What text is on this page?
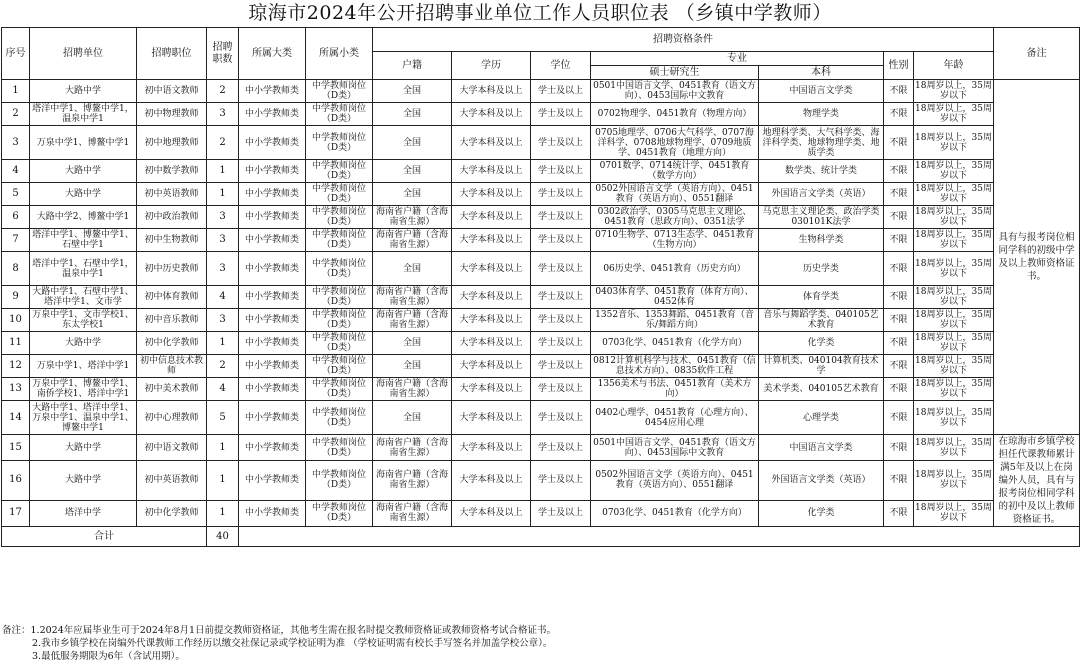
琼海市2024年公开招聘事业单位工作人员职位表 （乡镇中学教师）
序号	招聘单位	招聘职位	招聘职数	所属大类	所属小类	招聘资格条件							备注
						户籍	学历	学位	专业		性别	年龄	
									硕士研究生	本科			
1	大路中学	初中语文教师	2	中小学教师类	中学教师岗位（D类）	全国	大学本科及以上	学士及以上	0501中国语言文学、0451教育（语文方向）、0453国际中文教育	中国语言文学类	不限	18周岁以上，35周岁以下	具有与报考岗位相同学科的初级中学及以上教师资格证书。
2	塔洋中学1、博鳌中学1，温泉中学1	初中物理教师	3	中小学教师类	中学教师岗位（D类）	全国	大学本科及以上	学士及以上	0702物理学、0451教育（物理方向）	物理学类	不限	18周岁以上，35周岁以下	
3	万泉中学1、博鳌中学1	初中地理教师	2	中小学教师类	中学教师岗位（D类）	全国	大学本科及以上	学士及以上	0705地理学、0706大气科学、0707海洋科学、0708地球物理学、0709地质学、0451教育（地理方向）	地理科学类、大气科学类、海洋科学类、地球物理学类、地质学类	不限	18周岁以上，35周岁以下	
4	大路中学	初中数学教师	1	中小学教师类	中学教师岗位（D类）	全国	大学本科及以上	学士及以上	0701数学、0714统计学、0451教育（数学方向）	数学类、统计学类	不限	18周岁以上，35周岁以下	
5	大路中学	初中英语教师	1	中小学教师类	中学教师岗位（D类）	全国	大学本科及以上	学士及以上	0502外国语言文学（英语方向）、0451教育（英语方向）、0551翻译	外国语言文学类（英语）	不限	18周岁以上，35周岁以下	
6	大路中学2、博鳌中学1	初中政治教师	3	中小学教师类	中学教师岗位（D类）	海南省户籍（含海南省生源）	大学本科及以上	学士及以上	0302政治学、0305马克思主义理论、0451教育（思政方向）、0351法学	马克思主义理论类、政治学类030101K法学	不限	18周岁以上，35周岁以下	
7	塔洋中学1、博鳌中学1、石壁中学1	初中生物教师	3	中小学教师类	中学教师岗位（D类）	海南省户籍（含海南省生源）	大学本科及以上	学士及以上	0710生物学、0713生态学、0451教育（生物方向）	生物科学类	不限	18周岁以上，35周岁以下	
8	塔洋中学1、石壁中学1，温泉中学1	初中历史教师	3	中小学教师类	中学教师岗位（D类）	全国	大学本科及以上	学士及以上	06历史学、0451教育（历史方向）	历史学类	不限	18周岁以上，35周岁以下	
9	大路中学1、石壁中学1、塔洋中学1、文市学	初中体育教师	4	中小学教师类	中学教师岗位（D类）	海南省户籍（含海南省生源）	大学本科及以上	学士及以上	0403体育学、0451教育（体育方向）、0452体育	体育学类	不限	18周岁以上，35周岁以下	
10	万泉中学1、文市学校1、东太学校1	初中音乐教师	3	中小学教师类	中学教师岗位（D类）	海南省户籍（含海南省生源）	大学本科及以上	学士及以上	1352音乐、1353舞蹈、0451教育（音乐/舞蹈方向）	音乐与舞蹈学类、040105艺术教育	不限	18周岁以上，35周岁以下	
11	大路中学	初中化学教师	1	中小学教师类	中学教师岗位（D类）	全国	大学本科及以上	学士及以上	0703化学、0451教育（化学方向）	化学类	不限	18周岁以上，35周岁以下	
12	万泉中学1、塔洋中学1	初中信息技术教师	2	中小学教师类	中学教师岗位（D类）	全国	大学本科及以上	学士及以上	0812计算机科学与技术、0451教育（信息技术方向）、0835软件工程	计算机类、040104教育技术学	不限	18周岁以上，35周岁以下	
13	万泉中学1、博鳌中学1、南侨学校1、塔洋中学1	初中美术教师	4	中小学教师类	中学教师岗位（D类）	海南省户籍（含海南省生源）	大学本科及以上	学士及以上	1356美术与书法、0451教育（美术方向）	美术学类、040105艺术教育	不限	18周岁以上，35周岁以下	
14	大路中学1、塔洋中学1、万泉中学1、温泉中学1、博鳌中学1	初中心理教师	5	中小学教师类	中学教师岗位（D类）	全国	大学本科及以上	学士及以上	0402心理学、0451教育（心理方向）、0454应用心理	心理学类	不限	18周岁以上，35周岁以下	
15	大路中学	初中语文教师	1	中小学教师类	中学教师岗位（D类）	海南省户籍（含海南省生源）	大学本科及以上	学士及以上	0501中国语言文学、0451教育（语文方向）、0453国际中文教育	中国语言文学类	不限	18周岁以上，35周岁以下	在琼海市乡镇学校担任代课教师累计满5年及以上在岗编外人员，具有与报考岗位相同学科的初中及以上教师资格证书。
16	大路中学	初中英语教师	1	中小学教师类	中学教师岗位（D类）	海南省户籍（含海南省生源）	大学本科及以上	学士及以上	0502外国语言文学（英语方向）、0451教育（英语方向）、0551翻译	外国语言文学类（英语）	不限	18周岁以上，35周岁以下	
17	塔洋中学	初中化学教师	1	中小学教师类	中学教师岗位（D类）	海南省户籍（含海南省生源）	大学本科及以上	学士及以上	0703化学、0451教育（化学方向）	化学类	不限	18周岁以上，35周岁以下	
合计			40										
备注：1.2024年应届毕业生可于2024年8月1日前提交教师资格证，其他考生需在报名时提交教师资格证或教师资格考试合格证书。
2.我市乡镇学校在岗编外代课教师工作经历以缴交社保记录或学校证明为准 （学校证明需有校长手写签名并加盖学校公章）。
3.最低服务期限为6年（含试用期）。
